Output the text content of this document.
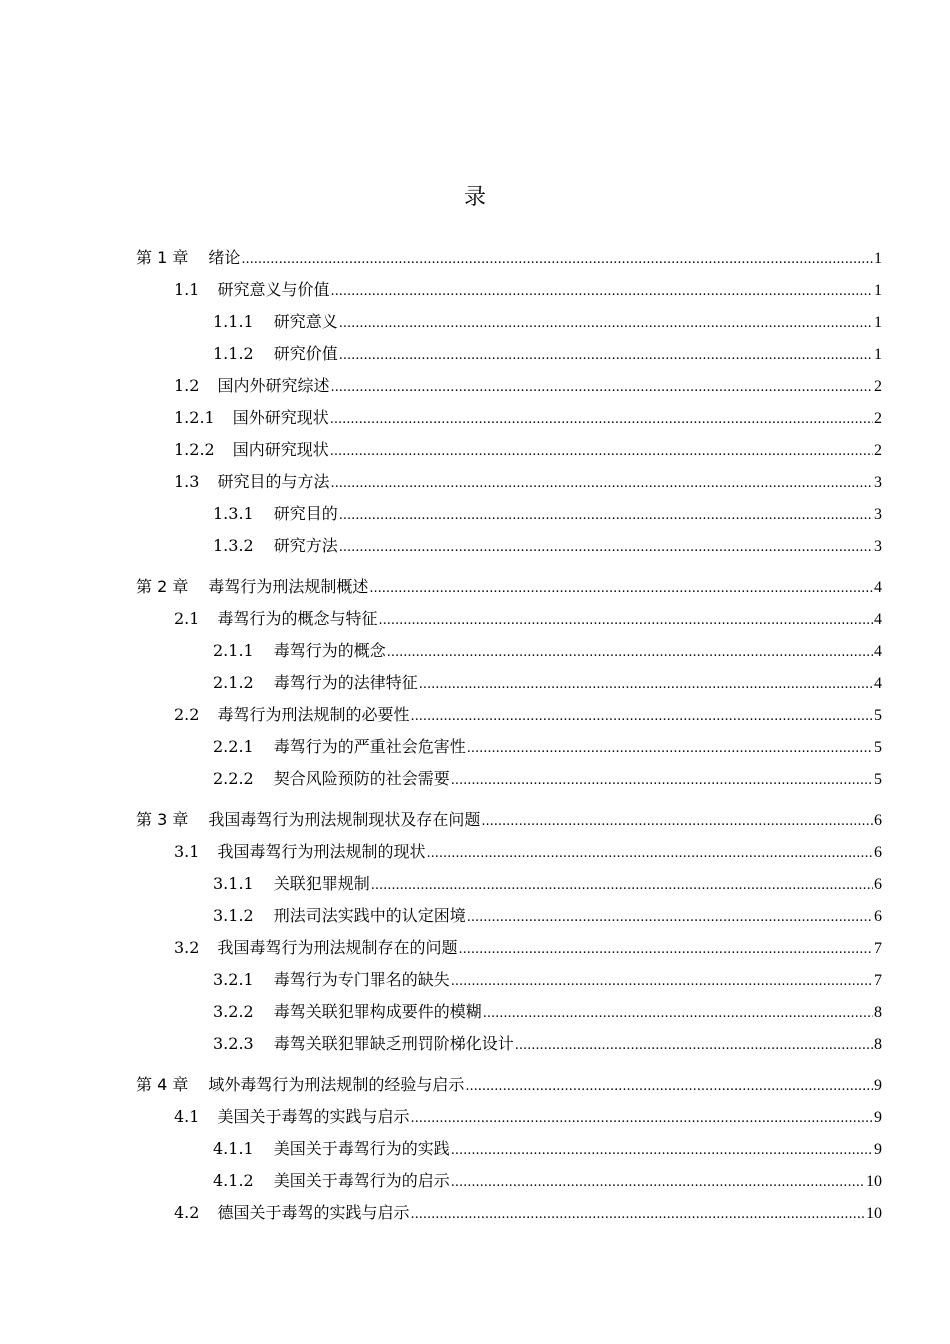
录
第 1 章 绪论 .....	1
1.1 研究意义与价值 .....	1
1.1.1 研究意义 .....	1
1.1.2 研究价值 .....	1
1.2 国内外研究综述 .....	2
1.2.1 国外研究现状 .....	2
1.2.2 国内研究现状 .....	2
1.3 研究目的与方法 .....	3
1.3.1 研究目的 .....	3
1.3.2 研究方法 .....	3
第 2 章 毒驾行为刑法规制概述 .....	4
2.1 毒驾行为的概念与特征 .....	4
2.1.1 毒驾行为的概念 .....	4
2.1.2 毒驾行为的法律特征 .....	4
2.2 毒驾行为刑法规制的必要性 .....	5
2.2.1 毒驾行为的严重社会危害性 .....	5
2.2.2 契合风险预防的社会需要 .....	5
第 3 章 我国毒驾行为刑法规制现状及存在问题 .....	6
3.1 我国毒驾行为刑法规制的现状 .....	6
3.1.1 关联犯罪规制 .....	6
3.1.2 刑法司法实践中的认定困境 .....	6
3.2 我国毒驾行为刑法规制存在的问题 .....	7
3.2.1 毒驾行为专门罪名的缺失 .....	7
3.2.2 毒驾关联犯罪构成要件的模糊 .....	8
3.2.3 毒驾关联犯罪缺乏刑罚阶梯化设计 .....	8
第 4 章 域外毒驾行为刑法规制的经验与启示 .....	9
4.1 美国关于毒驾的实践与启示 .....	9
4.1.1 美国关于毒驾行为的实践 .....	9
4.1.2 美国关于毒驾行为的启示 .....	10
4.2 德国关于毒驾的实践与启示 .....	10
